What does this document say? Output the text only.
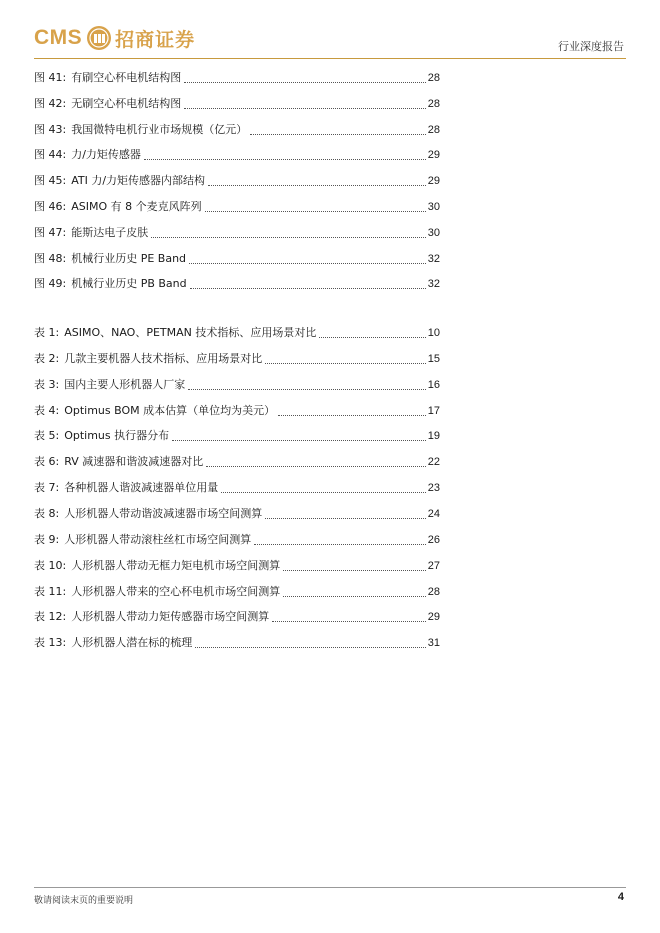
CMS 招商证券	行业深度报告
图 41: 有刷空心杯电机结构图	28
图 42: 无刷空心杯电机结构图	28
图 43: 我国微特电机行业市场规模（亿元）	28
图 44: 力/力矩传感器	29
图 45: ATI 力/力矩传感器内部结构	29
图 46: ASIMO 有 8 个麦克风阵列	30
图 47: 能斯达电子皮肤	30
图 48: 机械行业历史 PE Band	32
图 49: 机械行业历史 PB Band	32
表 1: ASIMO、NAO、PETMAN 技术指标、应用场景对比	10
表 2: 几款主要机器人技术指标、应用场景对比	15
表 3: 国内主要人形机器人厂家	16
表 4: Optimus BOM 成本估算（单位均为美元）	17
表 5: Optimus 执行器分布	19
表 6: RV 减速器和谐波减速器对比	22
表 7: 各种机器人谐波减速器单位用量	23
表 8: 人形机器人带动谐波减速器市场空间测算	24
表 9: 人形机器人带动滚柱丝杠市场空间测算	26
表 10: 人形机器人带动无框力矩电机市场空间测算	27
表 11: 人形机器人带来的空心杯电机市场空间测算	28
表 12: 人形机器人带动力矩传感器市场空间测算	29
表 13: 人形机器人潜在标的梳理	31
敬请阅读末页的重要说明	4
